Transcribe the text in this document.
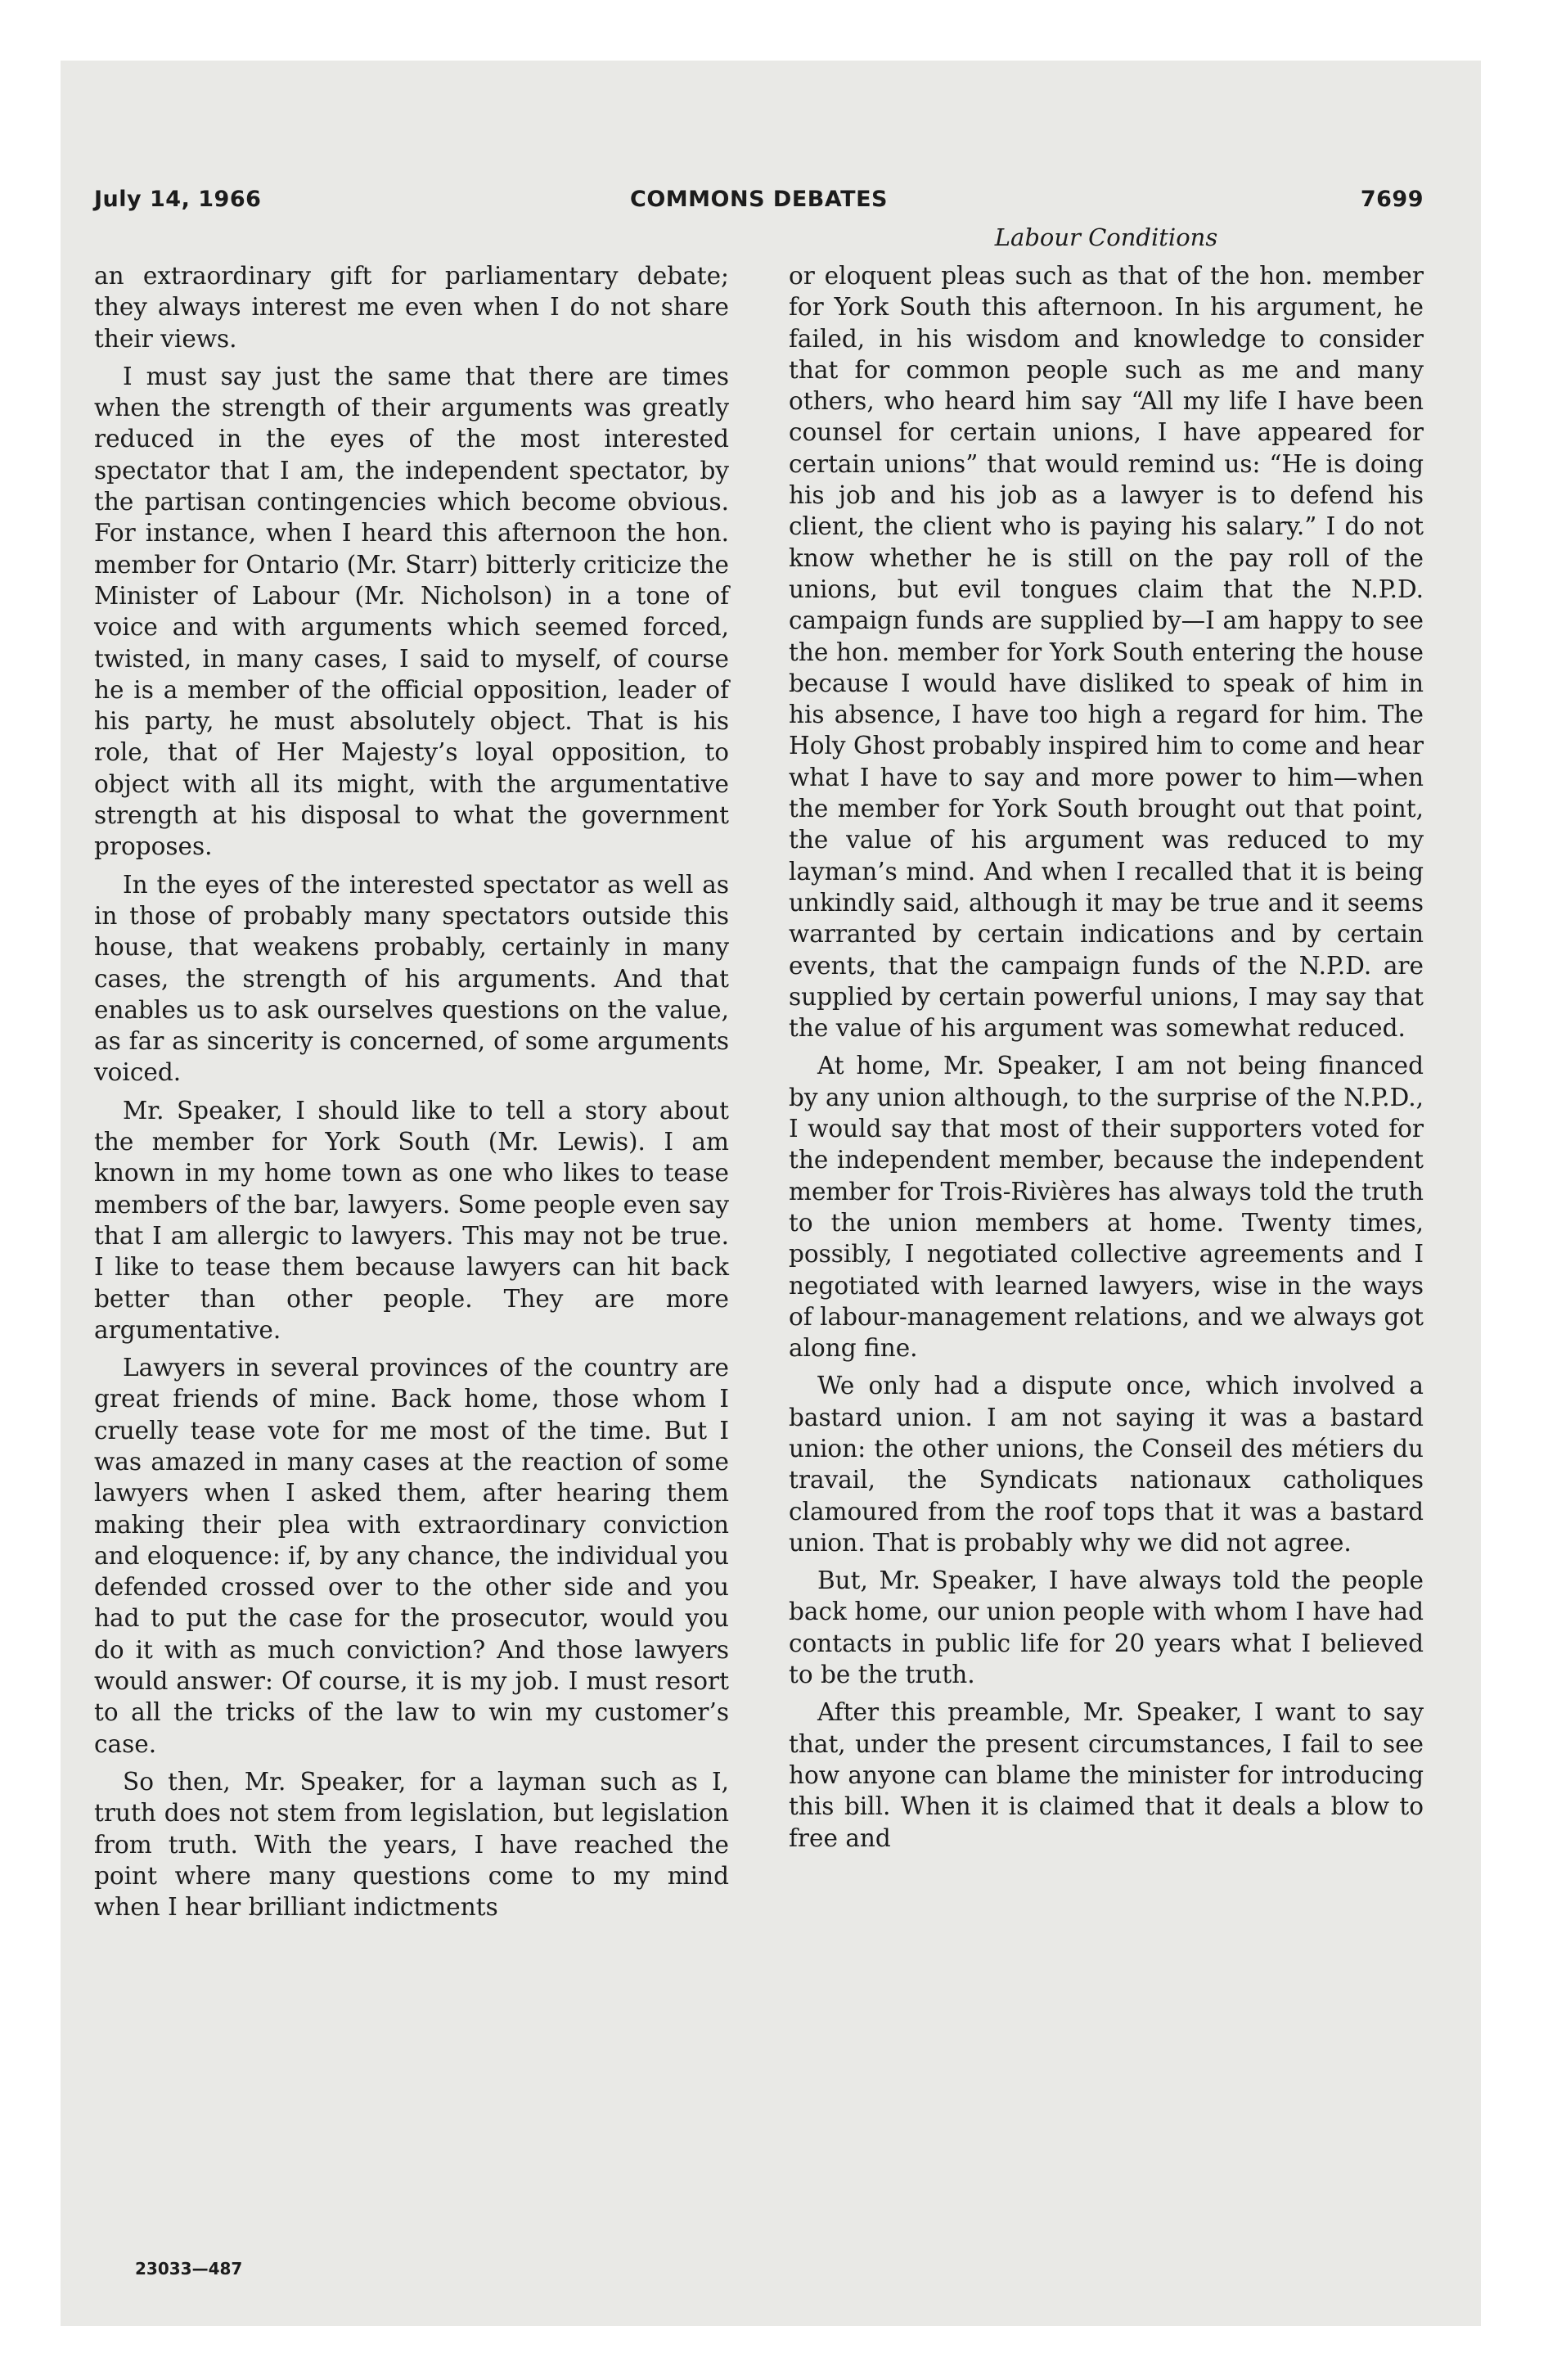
July 14, 1966	COMMONS DEBATES	7699
Labour Conditions

an extraordinary gift for parliamentary debate; they always interest me even when I do not share their views.

I must say just the same that there are times when the strength of their arguments was greatly reduced in the eyes of the most interested spectator that I am, the independent spectator, by the partisan contingencies which become obvious. For instance, when I heard this afternoon the hon. member for Ontario (Mr. Starr) bitterly criticize the Minister of Labour (Mr. Nicholson) in a tone of voice and with arguments which seemed forced, twisted, in many cases, I said to myself, of course he is a member of the official opposition, leader of his party, he must absolutely object. That is his role, that of Her Majesty’s loyal opposition, to object with all its might, with the argumentative strength at his disposal to what the government proposes.

In the eyes of the interested spectator as well as in those of probably many spectators outside this house, that weakens probably, certainly in many cases, the strength of his arguments. And that enables us to ask ourselves questions on the value, as far as sincerity is concerned, of some arguments voiced.

Mr. Speaker, I should like to tell a story about the member for York South (Mr. Lewis). I am known in my home town as one who likes to tease members of the bar, lawyers. Some people even say that I am allergic to lawyers. This may not be true. I like to tease them because lawyers can hit back better than other people. They are more argumentative.

Lawyers in several provinces of the country are great friends of mine. Back home, those whom I cruelly tease vote for me most of the time. But I was amazed in many cases at the reaction of some lawyers when I asked them, after hearing them making their plea with extraordinary conviction and eloquence: if, by any chance, the individual you defended crossed over to the other side and you had to put the case for the prosecutor, would you do it with as much conviction? And those lawyers would answer: Of course, it is my job. I must resort to all the tricks of the law to win my customer’s case.

So then, Mr. Speaker, for a layman such as I, truth does not stem from legislation, but legislation from truth. With the years, I have reached the point where many questions come to my mind when I hear brilliant indictments

or eloquent pleas such as that of the hon. member for York South this afternoon. In his argument, he failed, in his wisdom and knowledge to consider that for common people such as me and many others, who heard him say “All my life I have been counsel for certain unions, I have appeared for certain unions” that would remind us: “He is doing his job and his job as a lawyer is to defend his client, the client who is paying his salary.” I do not know whether he is still on the pay roll of the unions, but evil tongues claim that the N.P.D. campaign funds are supplied by—I am happy to see the hon. member for York South entering the house because I would have disliked to speak of him in his absence, I have too high a regard for him. The Holy Ghost probably inspired him to come and hear what I have to say and more power to him—when the member for York South brought out that point, the value of his argument was reduced to my layman’s mind. And when I recalled that it is being unkindly said, although it may be true and it seems warranted by certain indications and by certain events, that the campaign funds of the N.P.D. are supplied by certain powerful unions, I may say that the value of his argument was somewhat reduced.

At home, Mr. Speaker, I am not being financed by any union although, to the surprise of the N.P.D., I would say that most of their supporters voted for the independent member, because the independent member for Trois-Rivières has always told the truth to the union members at home. Twenty times, possibly, I negotiated collective agreements and I negotiated with learned lawyers, wise in the ways of labour-management relations, and we always got along fine.

We only had a dispute once, which involved a bastard union. I am not saying it was a bastard union: the other unions, the Conseil des métiers du travail, the Syndicats nationaux catholiques clamoured from the roof tops that it was a bastard union. That is probably why we did not agree.

But, Mr. Speaker, I have always told the people back home, our union people with whom I have had contacts in public life for 20 years what I believed to be the truth.

After this preamble, Mr. Speaker, I want to say that, under the present circumstances, I fail to see how anyone can blame the minister for introducing this bill. When it is claimed that it deals a blow to free and

23033—487
